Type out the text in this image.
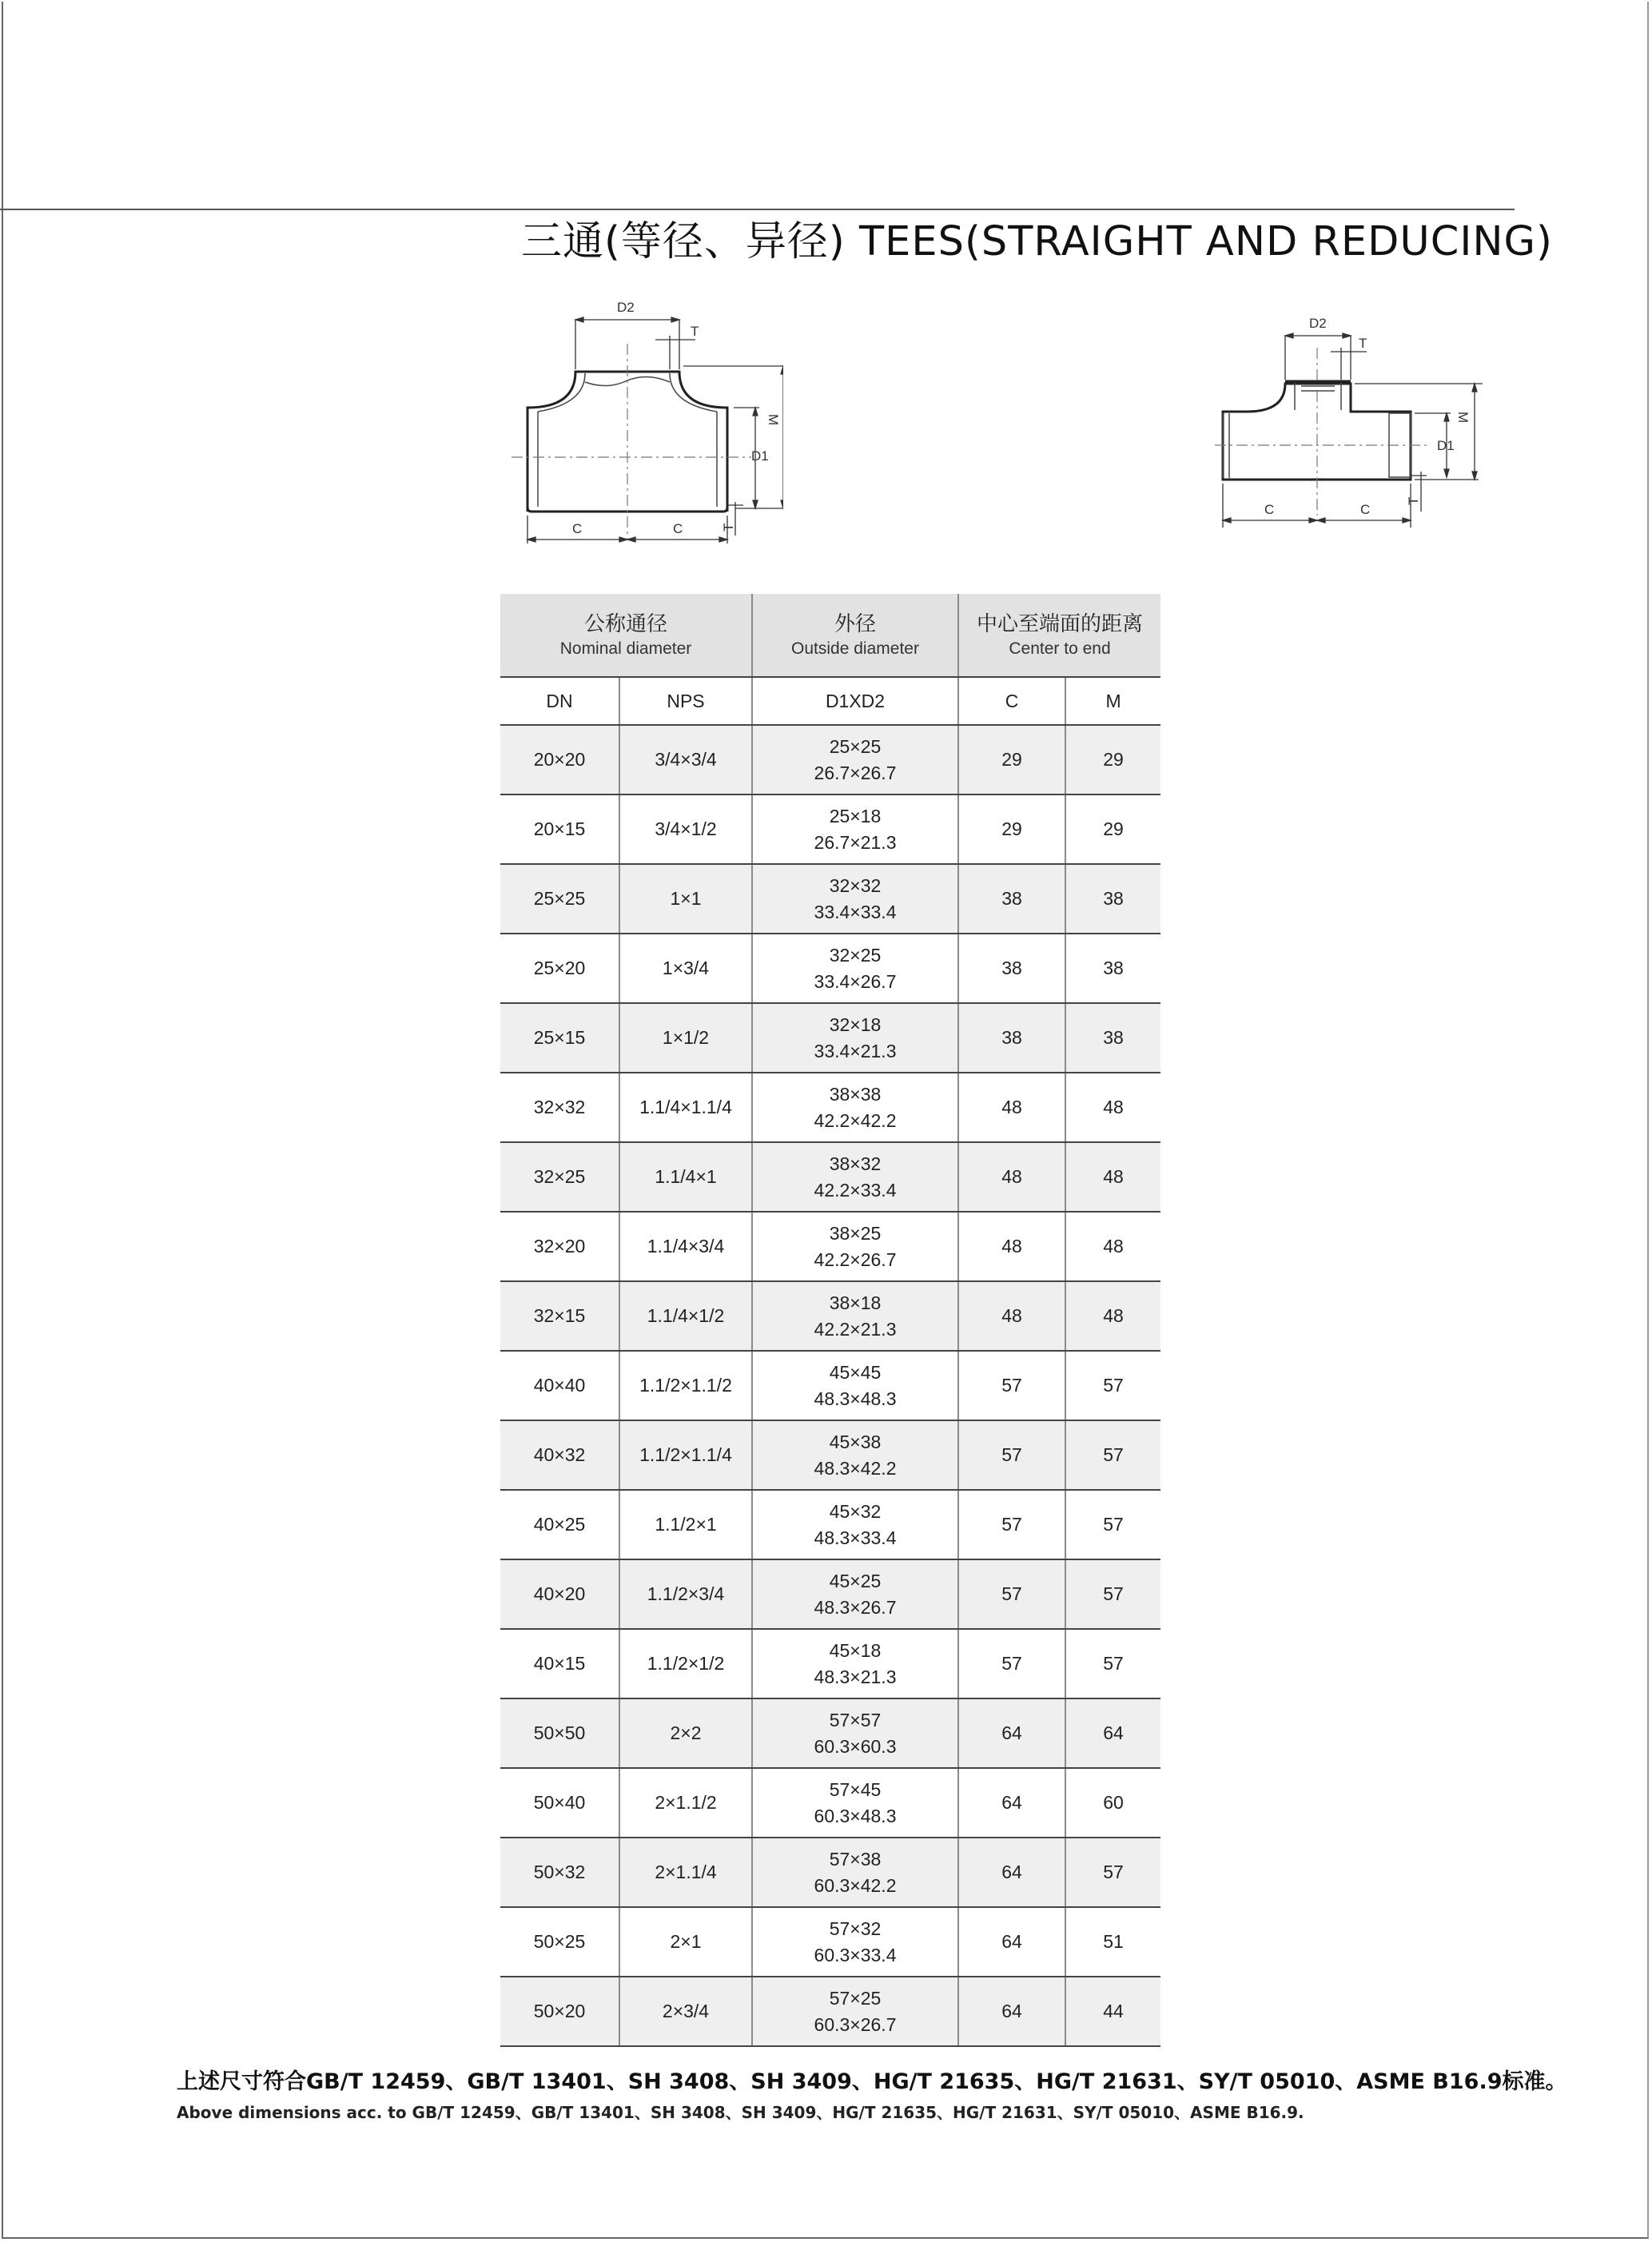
三通(等径、异径) TEES(STRAIGHT AND REDUCING)
D2
T
M
D1
T
C	C
D2
T
M
D1
T
C	C
公称通径
Nominal diameter		外径
Outside diameter	中心至端面的距离
Center to end	

DN	NPS	D1XD2	C	M
20×20	3/4×3/4	25×25
26.7×26.7	29	29
20×15	3/4×1/2	25×18
26.7×21.3	29	29
25×25	1×1	32×32
33.4×33.4	38	38
25×20	1×3/4	32×25
33.4×26.7	38	38
25×15	1×1/2	32×18
33.4×21.3	38	38
32×32	1.1/4×1.1/4	38×38
42.2×42.2	48	48
32×25	1.1/4×1	38×32
42.2×33.4	48	48
32×20	1.1/4×3/4	38×25
42.2×26.7	48	48
32×15	1.1/4×1/2	38×18
42.2×21.3	48	48
40×40	1.1/2×1.1/2	45×45
48.3×48.3	57	57
40×32	1.1/2×1.1/4	45×38
48.3×42.2	57	57
40×25	1.1/2×1	45×32
48.3×33.4	57	57
40×20	1.1/2×3/4	45×25
48.3×26.7	57	57
40×15	1.1/2×1/2	45×18
48.3×21.3	57	57
50×50	2×2	57×57
60.3×60.3	64	64
50×40	2×1.1/2	57×45
60.3×48.3	64	60
50×32	2×1.1/4	57×38
60.3×42.2	64	57
50×25	2×1	57×32
60.3×33.4	64	51
50×20	2×3/4	57×25
60.3×26.7	64	44
上述尺寸符合GB/T 12459、GB/T 13401、SH 3408、SH 3409、HG/T 21635、HG/T 21631、SY/T 05010、ASME B16.9标准。
Above dimensions acc. to GB/T 12459、GB/T 13401、SH 3408、SH 3409、HG/T 21635、HG/T 21631、SY/T 05010、ASME B16.9.
